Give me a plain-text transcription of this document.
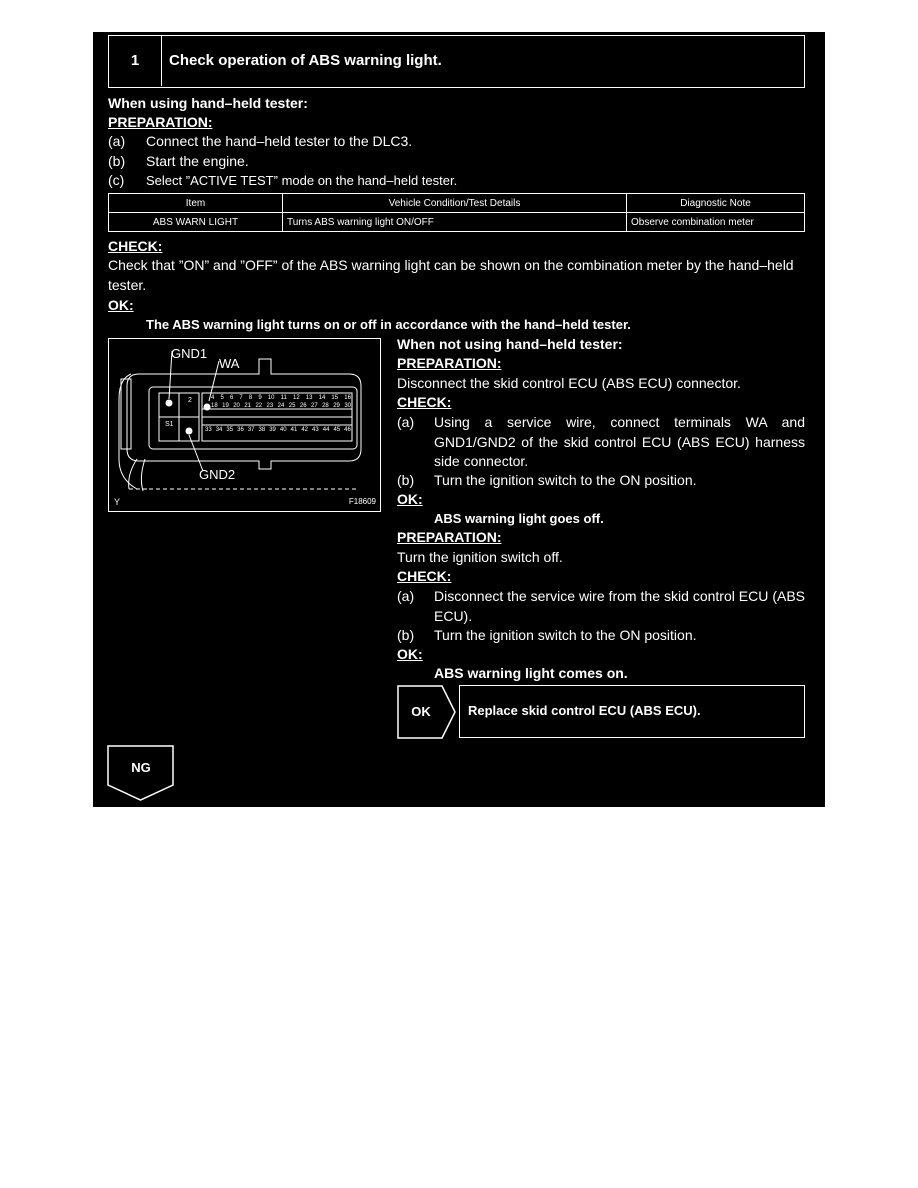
1	Check operation of ABS warning light.
When using hand–held tester:
PREPARATION:
(a) Connect the hand–held tester to the DLC3.
(b) Start the engine.
(c) Select ”ACTIVE TEST” mode on the hand–held tester.
Item	Vehicle Condition/Test Details	Diagnostic Note
ABS WARN LIGHT	Turns ABS warning light ON/OFF	Observe combination meter
CHECK:
Check that ”ON” and ”OFF” of the ABS warning light can be shown on the combination meter by the hand–held tester.
OK:
The ABS warning light turns on or off in accordance with the hand–held tester.
GND1
WA
GND2
Y	F18609
2
S1
4 5 6 7 8 9 10 11 12 13 14 15 16
18 19 20 21 22 23 24 25 26 27 28 29 30
33 34 35 36 37 38 39 40 41 42 43 44 45 46
When not using hand–held tester:
PREPARATION:
Disconnect the skid control ECU (ABS ECU) connector.
CHECK:
(a) Using a service wire, connect terminals WA and GND1/GND2 of the skid control ECU (ABS ECU) harness side connector.
(b) Turn the ignition switch to the ON position.
OK:
ABS warning light goes off.
PREPARATION:
Turn the ignition switch off.
CHECK:
(a) Disconnect the service wire from the skid control ECU (ABS ECU).
(b) Turn the ignition switch to the ON position.
OK:
ABS warning light comes on.
OK	Replace skid control ECU (ABS ECU).
NG
